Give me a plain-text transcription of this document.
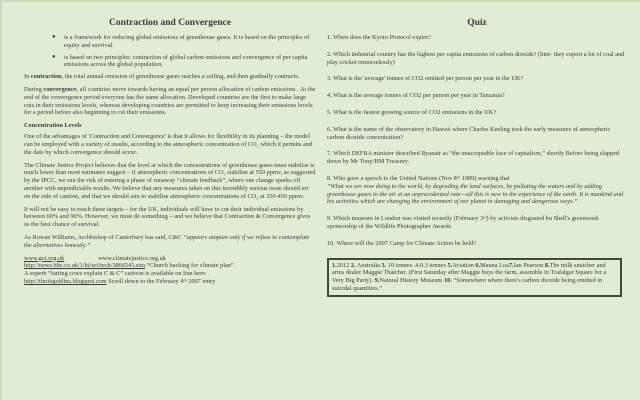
Contraction and Convergence
● is a framework for reducing global emissions of greenhouse gases. It is based on the principles of equity and survival.
● is based on two principles: contraction of global carbon emissions and convergence of per capita emissions across the global population.

In contraction, the total annual emission of greenhouse gases reaches a ceiling, and then gradually contracts.

During convergence, all countries move towards having an equal per person allocation of carbon emissions . At the end of the convergence period everyone has the same allocation. Developed countries are the first to make large cuts in their emissions levels, whereas developing countries are permitted to keep increasing their emissions levels for a period before also beginning to cut their emissions.

Concentration Levels

One of the advantages of 'Contraction and Convergence' is that it allows for flexibility in its planning – the model can be employed with a variety of results, according to the atmospheric concentration of CO₂ which it permits and the date by which convergence should occur.

The Climate Justice Project believes that the level at which the concentrations of greenhouse gases must stabilise is much lower than most estimates suggest – if atmospheric concentrations of CO₂ stabilise at 550 ppmv, as suggested by the IPCC, we run the risk of entering a phase of runaway “climate feedback”, where one change sparks off another with unpredictable results. We believe that any measures taken on this incredibly serious issue should err on the side of caution, and that we should aim to stabilise atmospheric concentrations of CO₂ at 350-450 ppmv.

It will not be easy to reach these targets – for the UK, individuals will have to cut their individual emissions by between 60% and 90%. However, we must do something – and we believe that Contraction & Convergence gives us the best chance of survival.

As Rowan Williams, Archbishop of Canterbury has said, C&C “appears utopian only if we refuse to contemplate the alternatives honestly.”

www.gci.org.uk	www.climatejustice.org.uk

http://news.bbc.co.uk/1/hi/sci/tech/3866543.stm “Church backing for climate plan”

A superb “farting cows explain C & C” cartoon is available on line here:

http://throbgoblins.blogspot.com Scroll down to the February 4ᵗʰ 2007 entry

Quiz

1. When does the Kyoto Protocol expire?

2. Which industrial country has the highest per capita emissions of carbon dioxide? (hint- they export a lot of coal and play cricket remorselessly)

3. What is the 'average' tonnes of CO2 emitted per person per year in the UK?

4. What is the average tonnes of CO2 per person per year in Tanzania?

5. What is the fastest growing source of CO2 emissions in the UK?

6. What is the name of the observatory in Hawaii where Charles Keeling took the early measures of atmospheric carbon dioxide concentration?

7. Which DEFRA minister described Ryanair as “the unacceptable face of capitalism,” shortly Before being slapped down by Mr Tony/HM Treasury.

8. Who gave a speech to the United Nations (Nov 8ᵗʰ 1989) warning that
“What we are now doing to the world, by degrading the land surfaces, by polluting the waters and by adding greenhouse gases to the air at an unprecedented rate—all this is new in the experience of the earth. It is mankind and his activities which are changing the environment of our planet in damaging and dangerous ways.”

9. Which museum in London was visited recently (February 3ʳᵈ) by activists disgusted bu Shell's greenwash sponsorship of the Wildlife Photographer Awards

10. Where will the 2007 Camp for Climate Action be held?

1.2012 2. Australia 3. 10 tonnes .4.0.3 tonnes 5.Aviation 6.Mauna Loa7.Ian Pearson 8.The milk snatcher and arms dealer Maggie Thatcher. (First Saturday after Maggie buys the farm, assemble in Trafalgar Square for a Very Big Party). 9.Natural History Museum 10. “Somewhere where there's carbon dioxide being emitted in suicidal quantities.”
